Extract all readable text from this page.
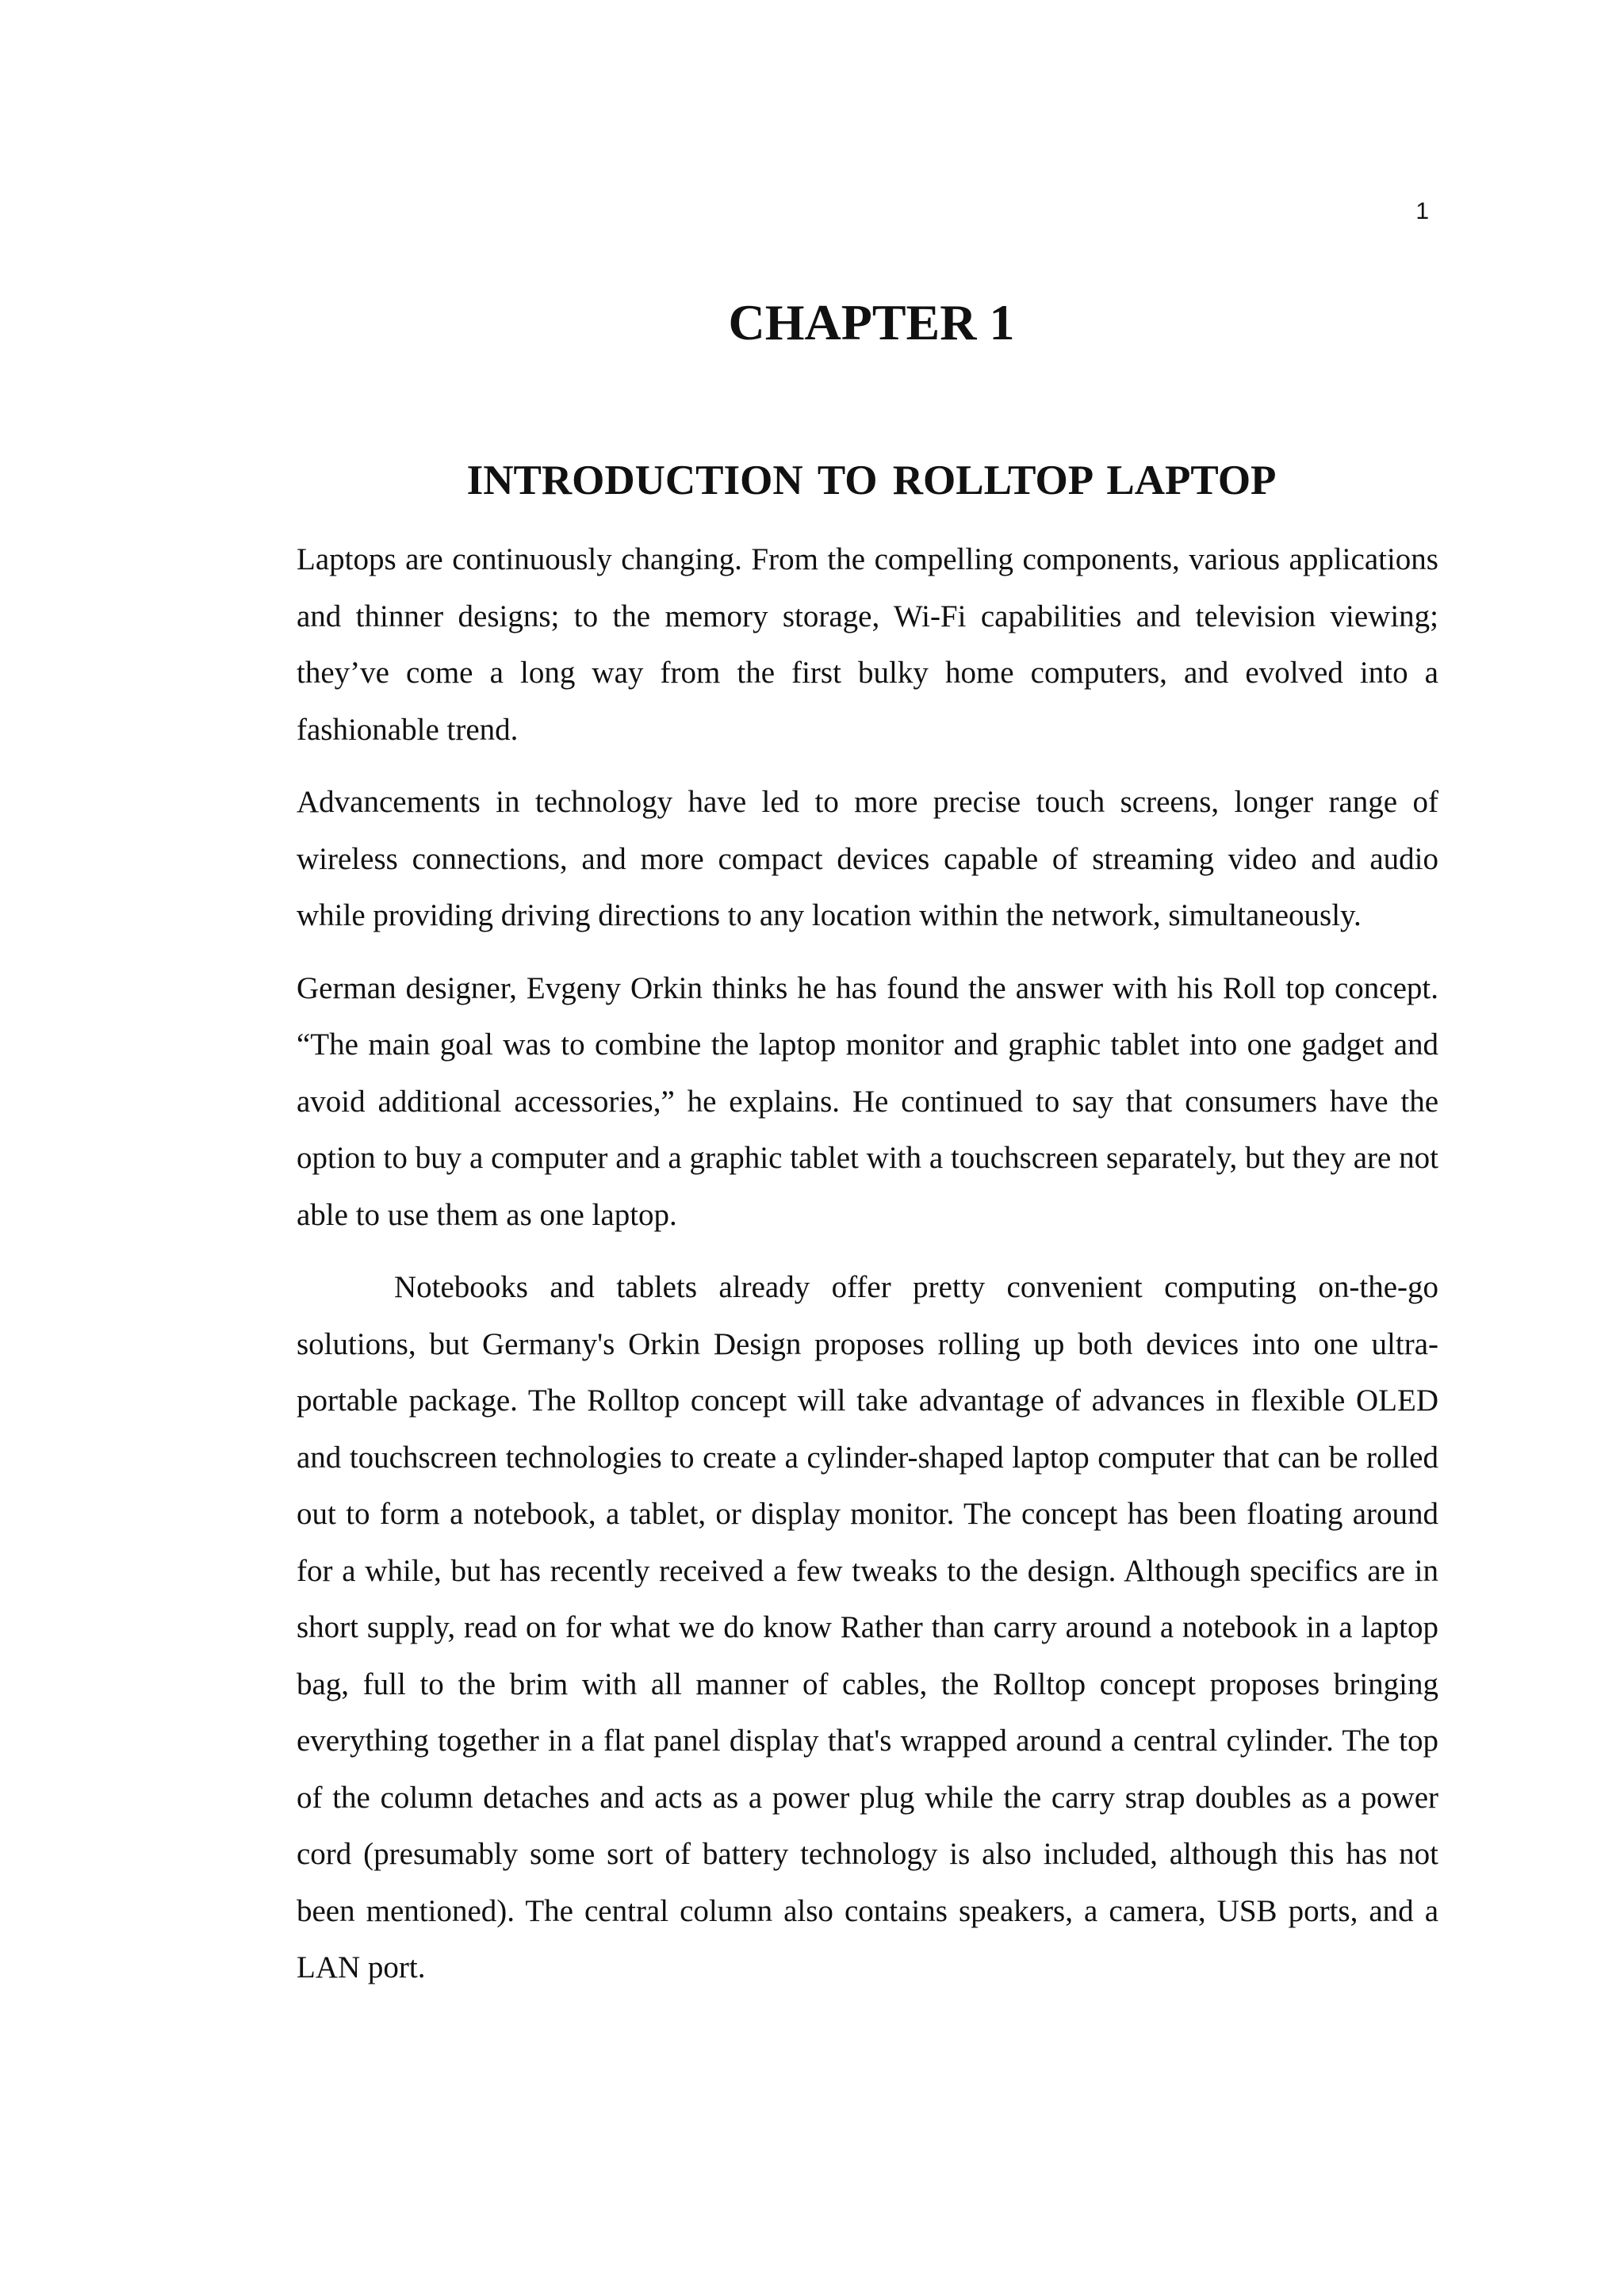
1
CHAPTER 1
INTRODUCTION TO ROLLTOP LAPTOP

Laptops are continuously changing. From the compelling components, various applications and thinner designs; to the memory storage, Wi-Fi capabilities and television viewing; they’ve come a long way from the first bulky home computers, and evolved into a fashionable trend.

Advancements in technology have led to more precise touch screens, longer range of wireless connections, and more compact devices capable of streaming video and audio while providing driving directions to any location within the network, simultaneously.

German designer, Evgeny Orkin thinks he has found the answer with his Roll top concept. “The main goal was to combine the laptop monitor and graphic tablet into one gadget and avoid additional accessories,” he explains. He continued to say that consumers have the option to buy a computer and a graphic tablet with a touchscreen separately, but they are not able to use them as one laptop.

Notebooks and tablets already offer pretty convenient computing on-the-go solutions, but Germany's Orkin Design proposes rolling up both devices into one ultra-portable package. The Rolltop concept will take advantage of advances in flexible OLED and touchscreen technologies to create a cylinder-shaped laptop computer that can be rolled out to form a notebook, a tablet, or display monitor. The concept has been floating around for a while, but has recently received a few tweaks to the design. Although specifics are in short supply, read on for what we do know Rather than carry around a notebook in a laptop bag, full to the brim with all manner of cables, the Rolltop concept proposes bringing everything together in a flat panel display that's wrapped around a central cylinder. The top of the column detaches and acts as a power plug while the carry strap doubles as a power cord (presumably some sort of battery technology is also included, although this has not been mentioned). The central column also contains speakers, a camera, USB ports, and a LAN port.
